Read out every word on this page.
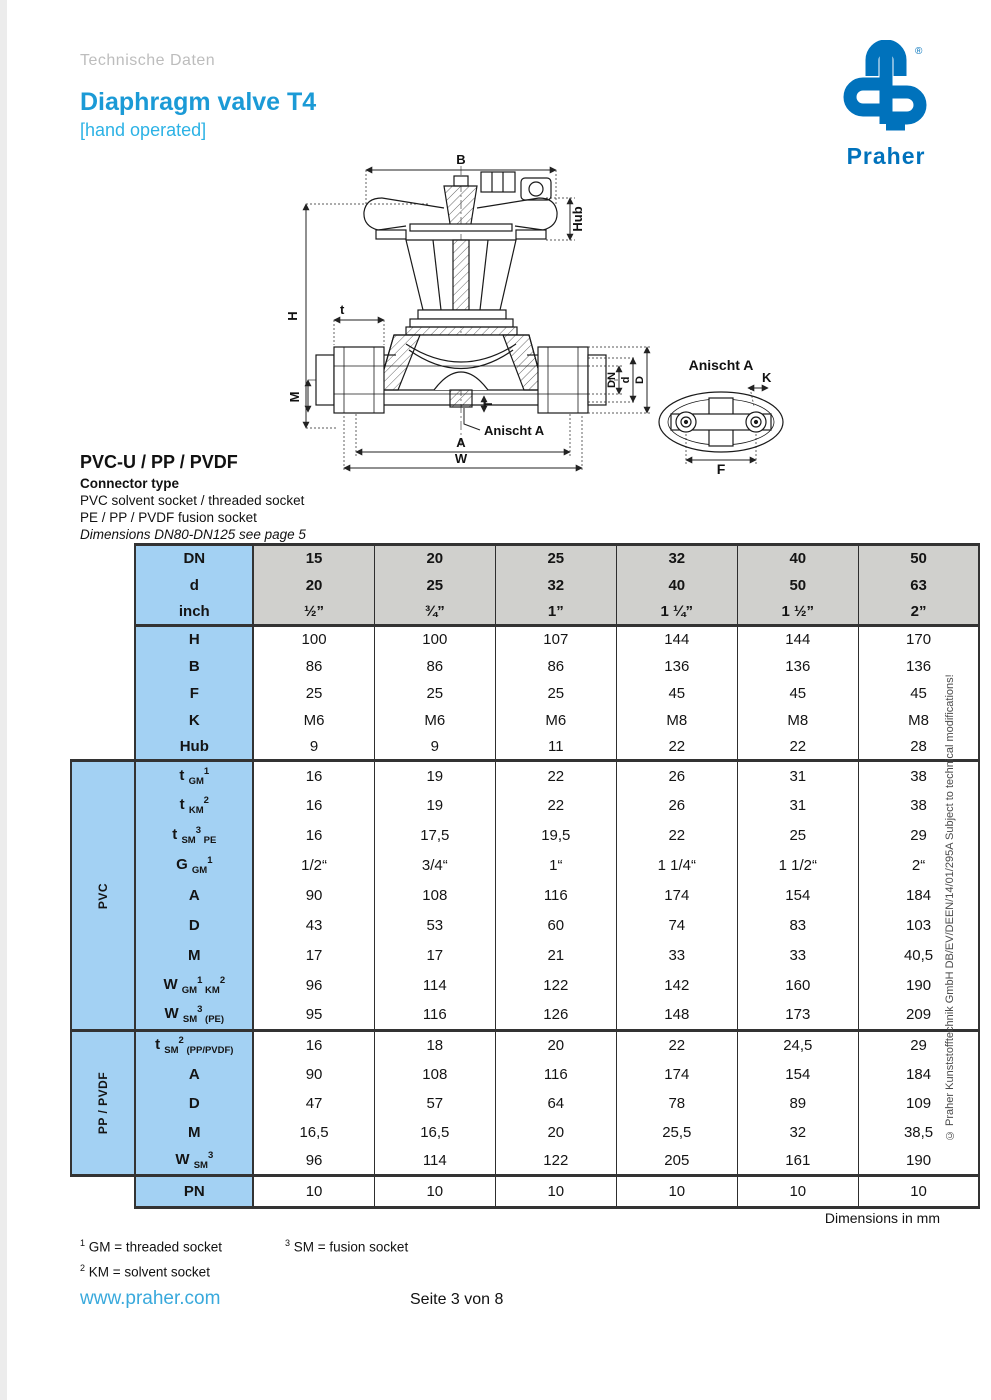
Technische Daten
Diaphragm valve T4
[hand operated]
®
Praher
B
Hub
H	t
M
DN d D
T
Anischt A
A
W
Anischt A
K
F
PVC-U / PP / PVDF
Connector type
PVC solvent socket / threaded socket
PE / PP / PVDF fusion socket
Dimensions DN80-DN125 see page 5
	DN	15	20	25	32	40	50
	d	20	25	32	40	50	63
	inch	½”	¾”	1”	1 ¼”	1 ½”	2”
	H	100	100	107	144	144	170
	B	86	86	86	136	136	136
	F	25	25	25	45	45	45
	K	M6	M6	M6	M8	M8	M8
	Hub	9	9	11	22	22	28

PVC	t $_{GM}^1$	16	19	22	26	31	38
	t $_{KM}^2$	16	19	22	26	31	38
	t $_{SM}^3$ $_{PE}$	16	17,5	19,5	22	25	29
	G $_{GM}^1$	1/2“	3/4“	1“	1 1/4“	1 1/2“	2“
	A	90	108	116	174	154	184
	D	43	53	60	74	83	103
	M	17	17	21	33	33	40,5
	W $_{GM}^1$ $_{KM}^2$	96	114	122	142	160	190
	W $_{SM}^3$ $_{(PE)}$	95	116	126	148	173	209

PP / PVDF	t $_{SM}^2$ $_{(PP/PVDF)}$	16	18	20	22	24,5	29
	A	90	108	116	174	154	184
	D	47	57	64	78	89	109
	M	16,5	16,5	20	25,5	32	38,5
	W $_{SM}^3$	96	114	122	205	161	190
	PN	10	10	10	10	10	10
Dimensions in mm
$^1$ GM = threaded socket
$^2$ KM = solvent socket
$^3$ SM = fusion socket
www.praher.com	Seite 3 von 8
© Praher Kunststofftechnik GmbH DB/EV/DEEN/14/01/295A Subject to technical modifications!
